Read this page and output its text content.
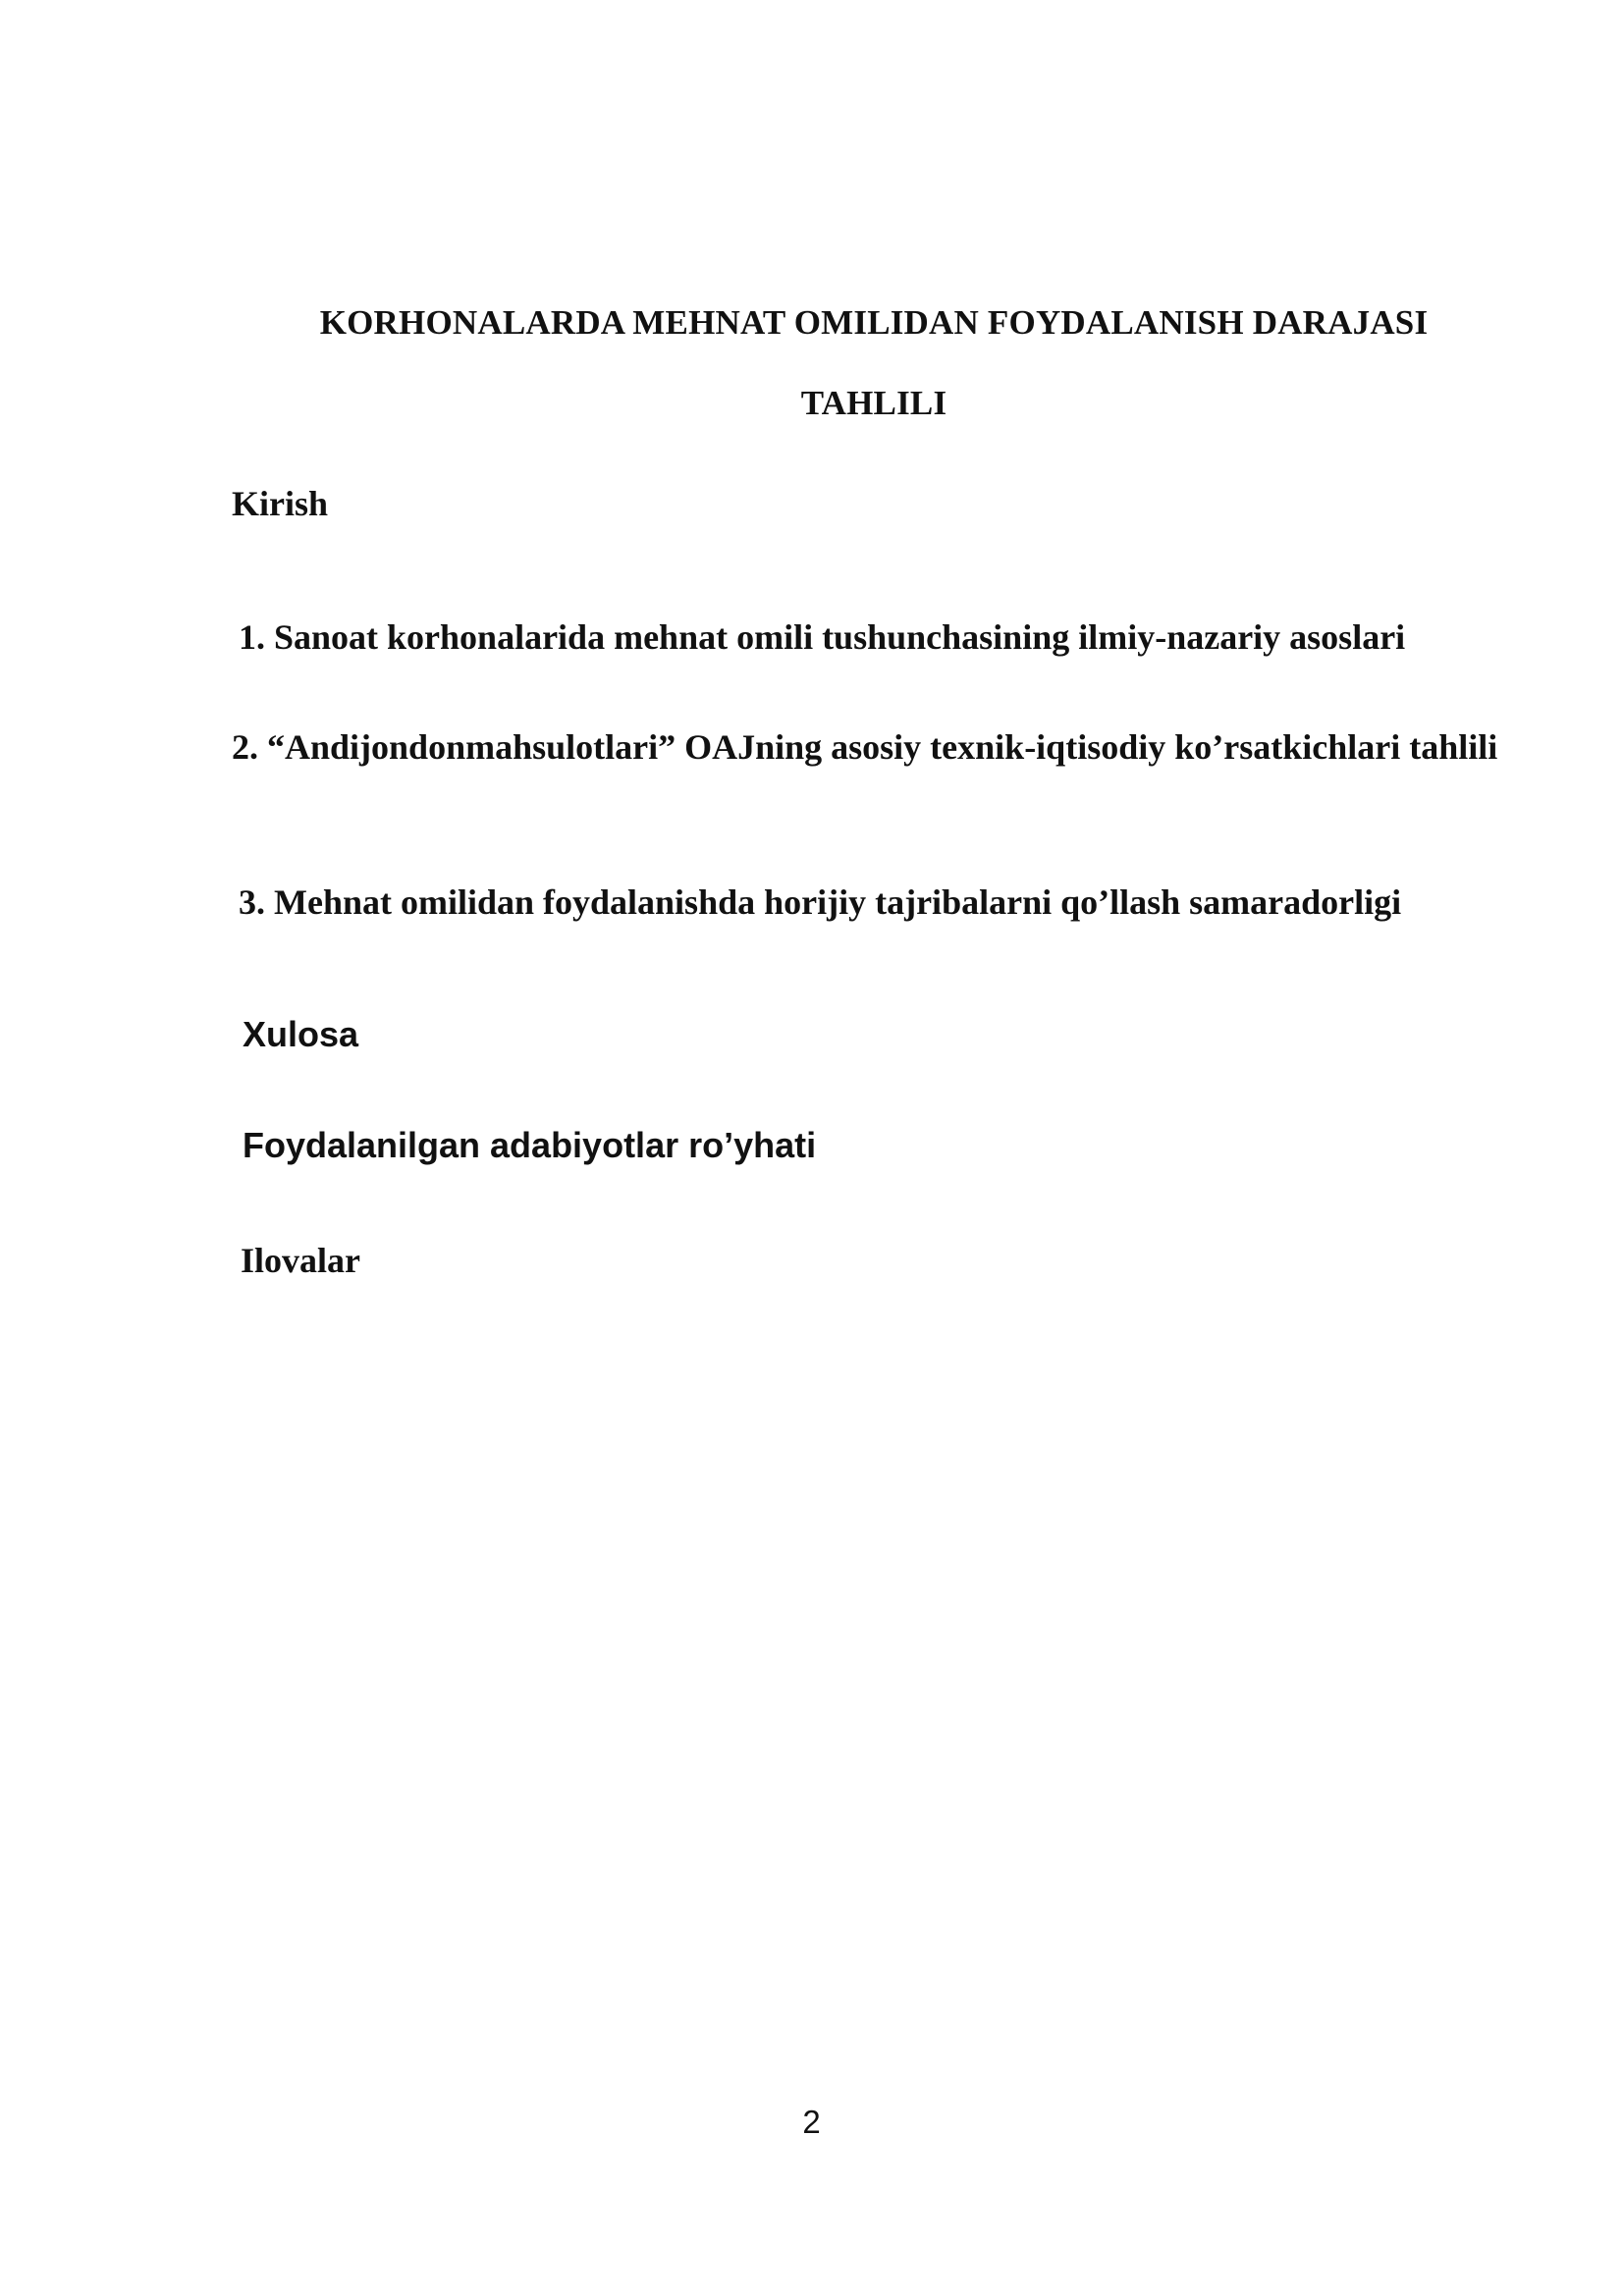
KORHONALARDA MEHNAT OMILIDAN FOYDALANISH DARAJASI
TAHLILI
Kirish
1. Sanoat korhonalarida mehnat omili tushunchasining ilmiy-nazariy asoslari
2. “Andijondonmahsulotlari” OAJning asosiy texnik-iqtisodiy ko’rsatkichlari tahlili
3. Mehnat omilidan foydalanishda horijiy tajribalarni qo’llash samaradorligi
Xulosa
Foydalanilgan adabiyotlar ro’yhati
Ilovalar
2
